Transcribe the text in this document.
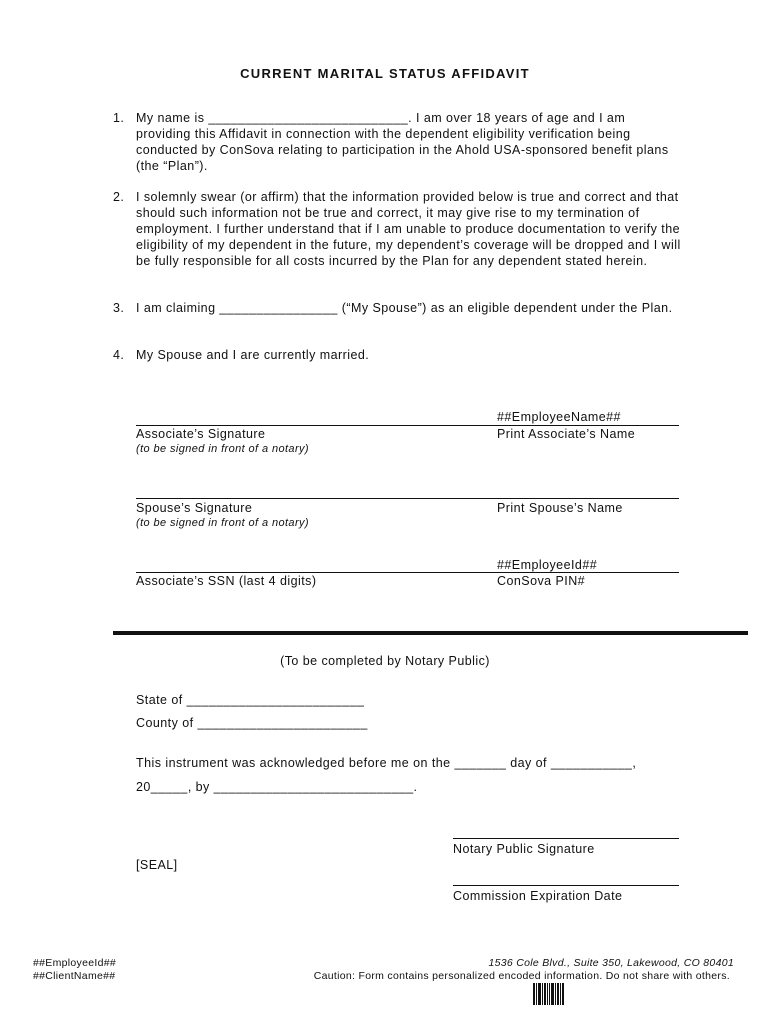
CURRENT MARITAL STATUS AFFIDAVIT
1. My name is ___________________________. I am over 18 years of age and I am providing this Affidavit in connection with the dependent eligibility verification being conducted by ConSova relating to participation in the Ahold USA-sponsored benefit plans (the “Plan”).
2. I solemnly swear (or affirm) that the information provided below is true and correct and that should such information not be true and correct, it may give rise to my termination of employment. I further understand that if I am unable to produce documentation to verify the eligibility of my dependent in the future, my dependent’s coverage will be dropped and I will be fully responsible for all costs incurred by the Plan for any dependent stated herein.
3. I am claiming ________________ (“My Spouse”) as an eligible dependent under the Plan.
4. My Spouse and I are currently married.
##EmployeeName##
Associate’s Signature	Print Associate’s Name
(to be signed in front of a notary)
Spouse’s Signature	Print Spouse’s Name
(to be signed in front of a notary)
##EmployeeId##
Associate’s SSN (last 4 digits)	ConSova PIN#
(To be completed by Notary Public)
State of ________________________
County of _______________________
This instrument was acknowledged before me on the _______ day of ___________,
20_____, by ___________________________.
Notary Public Signature
[SEAL]
Commission Expiration Date
##EmployeeId##
##ClientName##
1536 Cole Blvd., Suite 350, Lakewood, CO 80401
Caution: Form contains personalized encoded information. Do not share with others.
